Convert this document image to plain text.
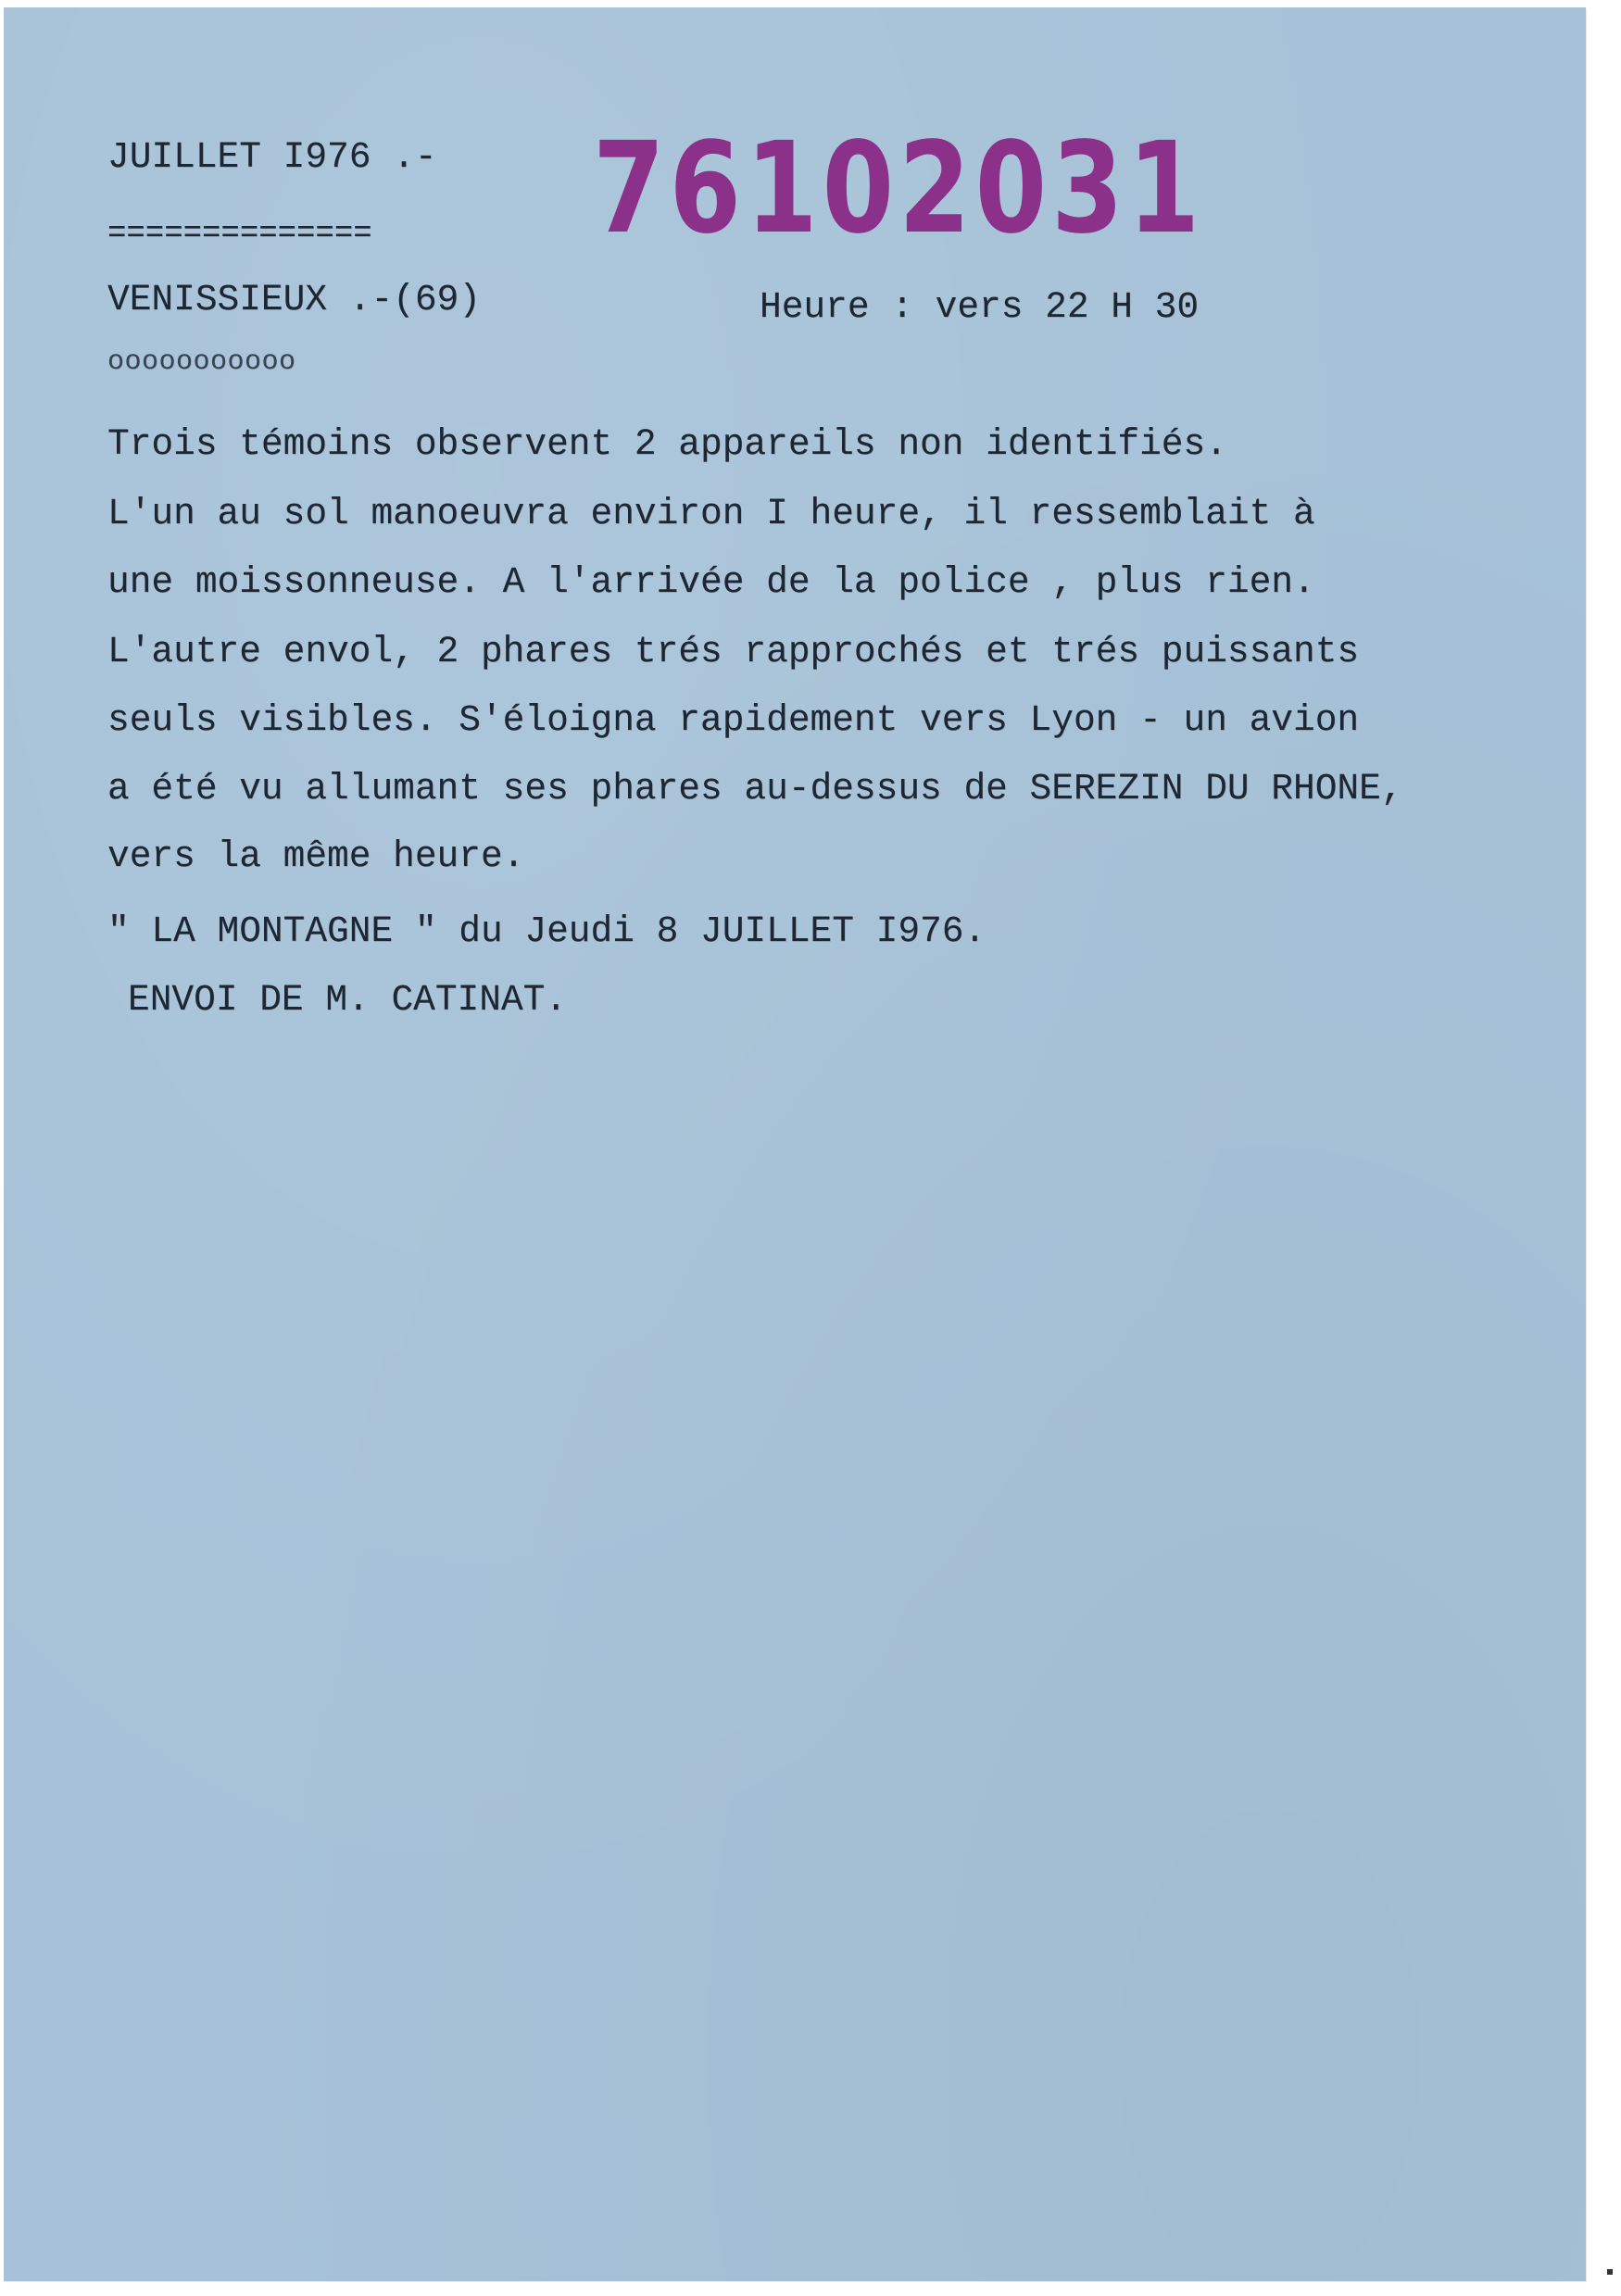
JUILLET I976 .-

============== 76102031

VENISSIEUX .-(69)	Heure : vers 22 H 30

ooooooooooo

Trois témoins observent 2 appareils non identifiés.

L'un au sol manoeuvra environ I heure, il ressemblait à

une moissonneuse. A l'arrivée de la police , plus rien.

L'autre envol, 2 phares trés rapprochés et trés puissants

seuls visibles. S'éloigna rapidement vers Lyon - un avion

a été vu allumant ses phares au-dessus de SEREZIN DU RHONE,

vers la même heure.

" LA MONTAGNE " du Jeudi 8 JUILLET I976.

ENVOI DE M. CATINAT.
